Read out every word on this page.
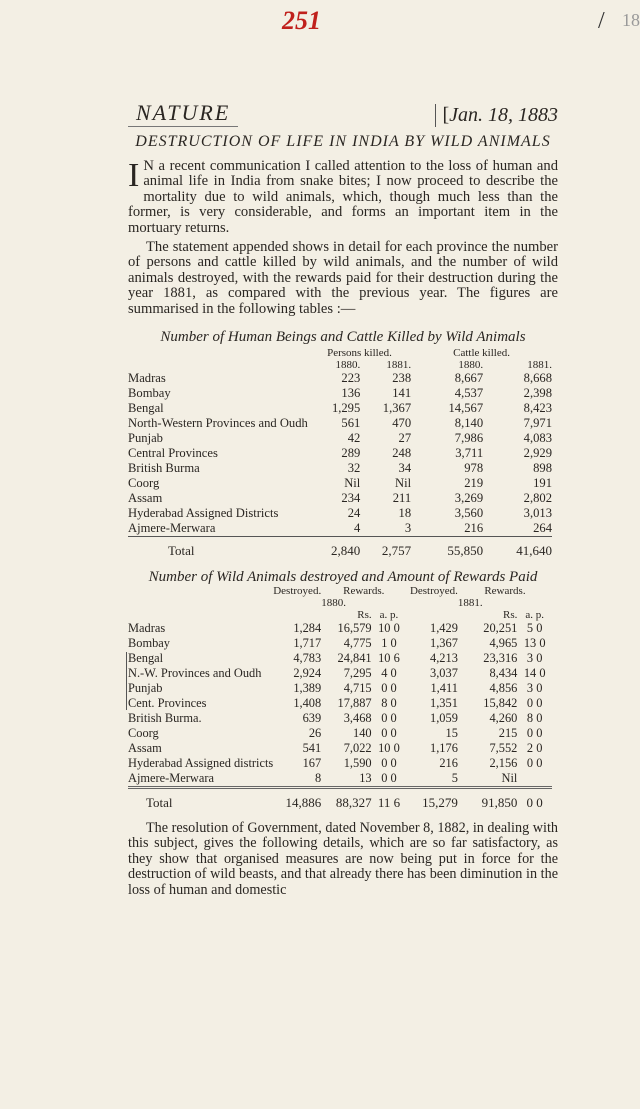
251	/ 18
NATURE	[Jan. 18, 1883
DESTRUCTION OF LIFE IN INDIA BY WILD ANIMALS
I N a recent communication I called attention to the loss of human and animal life in India from snake bites; I now proceed to describe the mortality due to wild animals, which, though much less than the former, is very considerable, and forms an important item in the mortuary returns.
The statement appended shows in detail for each province the number of persons and cattle killed by wild animals, and the number of wild animals destroyed, with the rewards paid for their destruction during the year 1881, as compared with the previous year. The figures are summarised in the following tables :—
Number of Human Beings and Cattle Killed by Wild Animals
	Persons killed.		Cattle killed.	
	1880.	1881.	1880.	1881.
Madras	223	238	8,667	8,668
Bombay	136	141	4,537	2,398
Bengal	1,295	1,367	14,567	8,423
North-Western Provinces and Oudh	561	470	8,140	7,971
Punjab	42	27	7,986	4,083
Central Provinces	289	248	3,711	2,929
British Burma	32	34	978	898
Coorg	Nil	Nil	219	191
Assam	234	211	3,269	2,802
Hyderabad Assigned Districts	24	18	3,560	3,013
Ajmere-Merwara	4	3	216	264
Total	2,840	2,757	55,850	41,640
Number of Wild Animals destroyed and Amount of Rewards Paid
	Destroyed.	Rewards.		Destroyed.	Rewards.	
		1880.			1881.	
		Rs.	a. p.		Rs.	a. p.
Madras	1,284	16,579	10 0	1,429	20,251	5 0
Bombay	1,717	4,775	1 0	1,367	4,965	13 0
Bengal	4,783	24,841	10 6	4,213	23,316	3 0
N.-W. Provinces and Oudh	2,924	7,295	4 0	3,037	8,434	14 0
Punjab	1,389	4,715	0 0	1,411	4,856	3 0
Cent. Provinces	1,408	17,887	8 0	1,351	15,842	0 0
British Burma.	639	3,468	0 0	1,059	4,260	8 0
Coorg	26	140	0 0	15	215	0 0
Assam	541	7,022	10 0	1,176	7,552	2 0
Hyderabad Assigned districts	167	1,590	0 0	216	2,156	0 0
Ajmere-Merwara	8	13	0 0	5	Nil	
Total	14,886	88,327	11 6	15,279	91,850	0 0
The resolution of Government, dated November 8, 1882, in dealing with this subject, gives the following details, which are so far satisfactory, as they show that organised measures are now being put in force for the destruction of wild beasts, and that already there has been diminution in the loss of human and domestic
